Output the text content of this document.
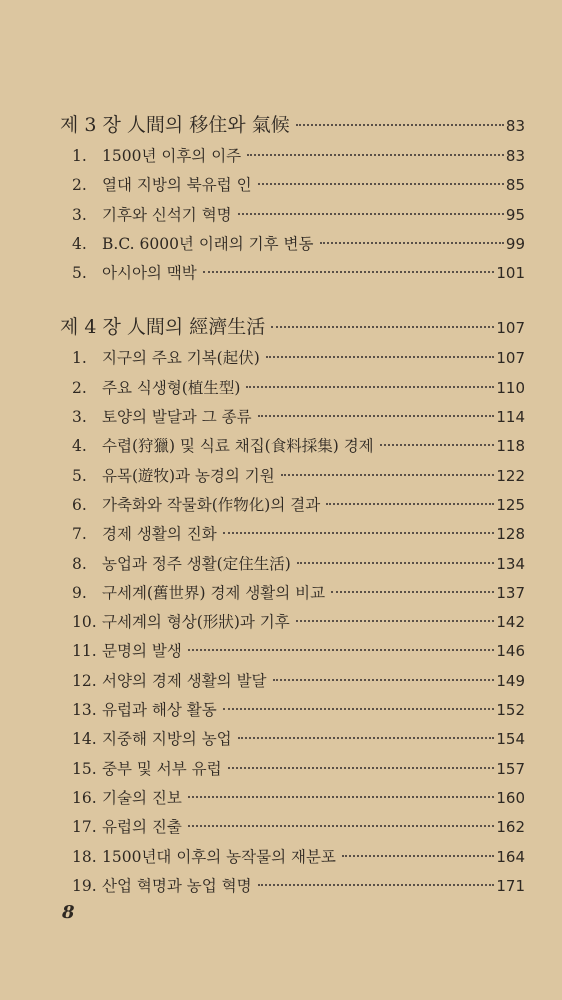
제 3 장 人間의 移住와 氣候	83
1. 1500년 이후의 이주	83
2. 열대 지방의 북유럽 인	85
3. 기후와 신석기 혁명	95
4. B.C. 6000년 이래의 기후 변동	99
5. 아시아의 맥박	101
제 4 장 人間의 經濟生活	107
1. 지구의 주요 기복(起伏)	107
2. 주요 식생형(植生型)	110
3. 토양의 발달과 그 종류	114
4. 수렵(狩獵) 및 식료 채집(食料採集) 경제	118
5. 유목(遊牧)과 농경의 기원	122
6. 가축화와 작물화(作物化)의 결과	125
7. 경제 생활의 진화	128
8. 농업과 정주 생활(定住生活)	134
9. 구세계(舊世界) 경제 생활의 비교	137
10. 구세계의 형상(形狀)과 기후	142
11. 문명의 발생	146
12. 서양의 경제 생활의 발달	149
13. 유럽과 해상 활동	152
14. 지중해 지방의 농업	154
15. 중부 및 서부 유럽	157
16. 기술의 진보	160
17. 유럽의 진출	162
18. 1500년대 이후의 농작물의 재분포	164
19. 산업 혁명과 농업 혁명	171
8
